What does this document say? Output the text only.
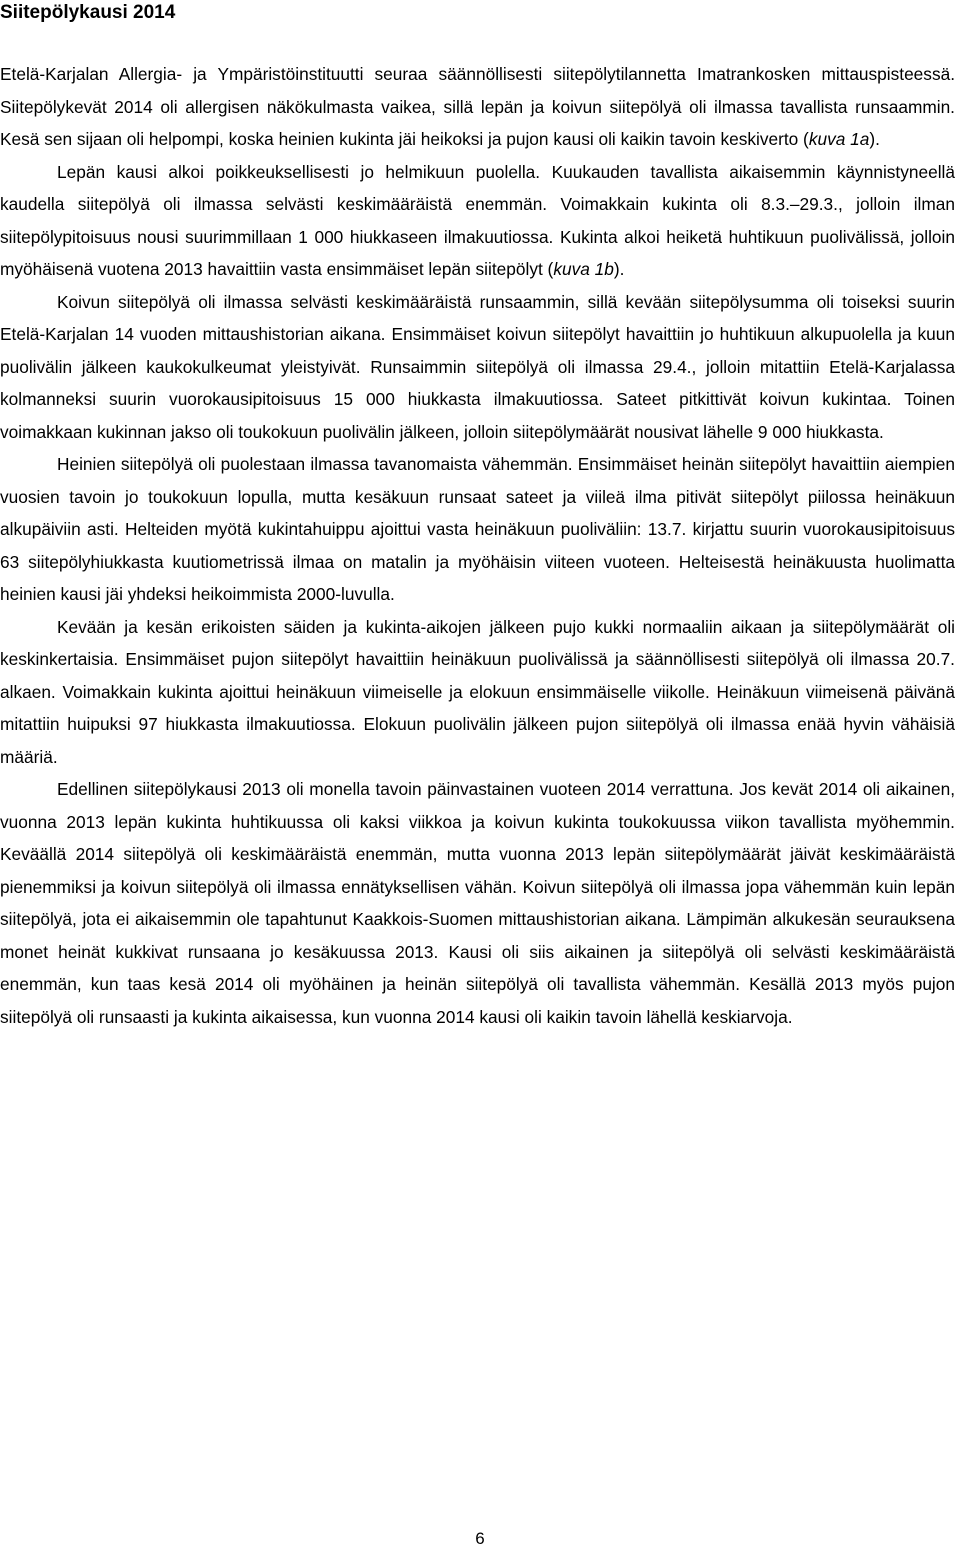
Siitepölykausi 2014

Etelä-Karjalan Allergia- ja Ympäristöinstituutti seuraa säännöllisesti siitepölytilannetta Imatrankosken mittauspisteessä. Siitepölykevät 2014 oli allergisen näkökulmasta vaikea, sillä lepän ja koivun siitepölyä oli ilmassa tavallista runsaammin. Kesä sen sijaan oli helpompi, koska heinien kukinta jäi heikoksi ja pujon kausi oli kaikin tavoin keskiverto (kuva 1a).

Lepän kausi alkoi poikkeuksellisesti jo helmikuun puolella. Kuukauden tavallista aikaisemmin käynnistyneellä kaudella siitepölyä oli ilmassa selvästi keskimääräistä enemmän. Voimakkain kukinta oli 8.3.–29.3., jolloin ilman siitepölypitoisuus nousi suurimmillaan 1 000 hiukkaseen ilmakuutiossa. Kukinta alkoi heiketä huhtikuun puolivälissä, jolloin myöhäisenä vuotena 2013 havaittiin vasta ensimmäiset lepän siitepölyt (kuva 1b).

Koivun siitepölyä oli ilmassa selvästi keskimääräistä runsaammin, sillä kevään siitepölysumma oli toiseksi suurin Etelä-Karjalan 14 vuoden mittaushistorian aikana. Ensimmäiset koivun siitepölyt havaittiin jo huhtikuun alkupuolella ja kuun puolivälin jälkeen kaukokulkeumat yleistyivät. Runsaimmin siitepölyä oli ilmassa 29.4., jolloin mitattiin Etelä-Karjalassa kolmanneksi suurin vuorokausipitoisuus 15 000 hiukkasta ilmakuutiossa. Sateet pitkittivät koivun kukintaa. Toinen voimakkaan kukinnan jakso oli toukokuun puolivälin jälkeen, jolloin siitepölymäärät nousivat lähelle 9 000 hiukkasta.

Heinien siitepölyä oli puolestaan ilmassa tavanomaista vähemmän. Ensimmäiset heinän siitepölyt havaittiin aiempien vuosien tavoin jo toukokuun lopulla, mutta kesäkuun runsaat sateet ja viileä ilma pitivät siitepölyt piilossa heinäkuun alkupäiviin asti. Helteiden myötä kukintahuippu ajoittui vasta heinäkuun puoliväliin: 13.7. kirjattu suurin vuorokausipitoisuus 63 siitepölyhiukkasta kuutiometrissä ilmaa on matalin ja myöhäisin viiteen vuoteen. Helteisestä heinäkuusta huolimatta heinien kausi jäi yhdeksi heikoimmista 2000-luvulla.

Kevään ja kesän erikoisten säiden ja kukinta-aikojen jälkeen pujo kukki normaaliin aikaan ja siitepölymäärät oli keskinkertaisia. Ensimmäiset pujon siitepölyt havaittiin heinäkuun puolivälissä ja säännöllisesti siitepölyä oli ilmassa 20.7. alkaen. Voimakkain kukinta ajoittui heinäkuun viimeiselle ja elokuun ensimmäiselle viikolle. Heinäkuun viimeisenä päivänä mitattiin huipuksi 97 hiukkasta ilmakuutiossa. Elokuun puolivälin jälkeen pujon siitepölyä oli ilmassa enää hyvin vähäisiä määriä.

Edellinen siitepölykausi 2013 oli monella tavoin päinvastainen vuoteen 2014 verrattuna. Jos kevät 2014 oli aikainen, vuonna 2013 lepän kukinta huhtikuussa oli kaksi viikkoa ja koivun kukinta toukokuussa viikon tavallista myöhemmin. Keväällä 2014 siitepölyä oli keskimääräistä enemmän, mutta vuonna 2013 lepän siitepölymäärät jäivät keskimääräistä pienemmiksi ja koivun siitepölyä oli ilmassa ennätyksellisen vähän. Koivun siitepölyä oli ilmassa jopa vähemmän kuin lepän siitepölyä, jota ei aikaisemmin ole tapahtunut Kaakkois-Suomen mittaushistorian aikana. Lämpimän alkukesän seurauksena monet heinät kukkivat runsaana jo kesäkuussa 2013. Kausi oli siis aikainen ja siitepölyä oli selvästi keskimääräistä enemmän, kun taas kesä 2014 oli myöhäinen ja heinän siitepölyä oli tavallista vähemmän. Kesällä 2013 myös pujon siitepölyä oli runsaasti ja kukinta aikaisessa, kun vuonna 2014 kausi oli kaikin tavoin lähellä keskiarvoja.

6
